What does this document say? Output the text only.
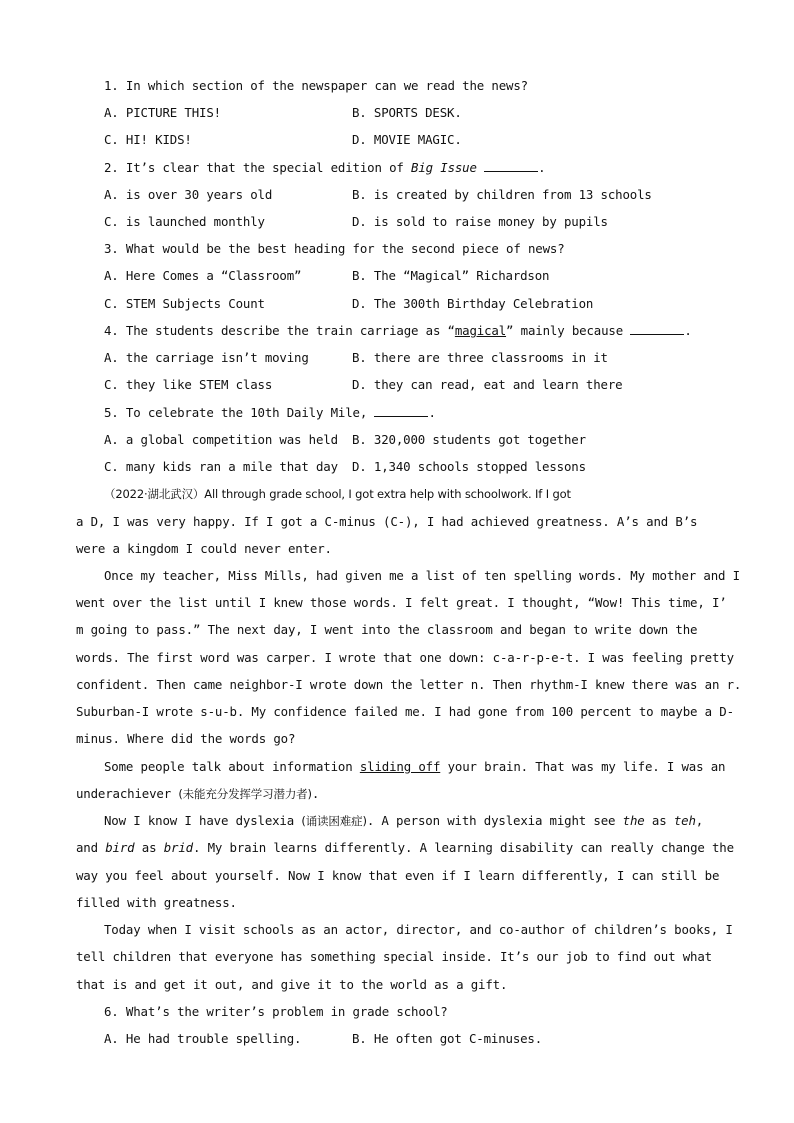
1. In which section of the newspaper can we read the news?
A. PICTURE THIS!	B. SPORTS DESK.
C. HI! KIDS!	D. MOVIE MAGIC.
2. It’s clear that the special edition of Big Issue	.
A. is over 30 years old	B. is created by children from 13 schools
C. is launched monthly	D. is sold to raise money by pupils
3. What would be the best heading for the second piece of news?
A. Here Comes a “Classroom”	B. The “Magical” Richardson
C. STEM Subjects Count	D. The 300th Birthday Celebration
4. The students describe the train carriage as “magical” mainly because	.
A. the carriage isn’t moving	B. there are three classrooms in it
C. they like STEM class	D. they can read, eat and learn there
5. To celebrate the 10th Daily Mile,	.
A. a global competition was held B. 320,000 students got together
C. many kids ran a mile that day D. 1,340 schools stopped lessons
（2022·湖北武汉）All through grade school, I got extra help with schoolwork. If I got
a D, I was very happy. If I got a C-minus (C-), I had achieved greatness. A’s and B’s
were a kingdom I could never enter.
Once my teacher, Miss Mills, had given me a list of ten spelling words. My mother and I
went over the list until I knew those words. I felt great. I thought, “Wow! This time, I’
m going to pass.” The next day, I went into the classroom and began to write down the
words. The first word was carper. I wrote that one down: c-a-r-p-e-t. I was feeling pretty
confident. Then came neighbor-I wrote down the letter n. Then rhythm-I knew there was an r.
Suburban-I wrote s-u-b. My confidence failed me. I had gone from 100 percent to maybe a D-
minus. Where did the words go?
Some people talk about information sliding off your brain. That was my life. I was an
underachiever (未能充分发挥学习潜力者).
Now I know I have dyslexia (诵读困难症). A person with dyslexia might see the as teh,
and bird as brid. My brain learns differently. A learning disability can really change the
way you feel about yourself. Now I know that even if I learn differently, I can still be
filled with greatness.
Today when I visit schools as an actor, director, and co-author of children’s books, I
tell children that everyone has something special inside. It’s our job to find out what
that is and get it out, and give it to the world as a gift.
6. What’s the writer’s problem in grade school?
A. He had trouble spelling.	B. He often got C-minuses.
